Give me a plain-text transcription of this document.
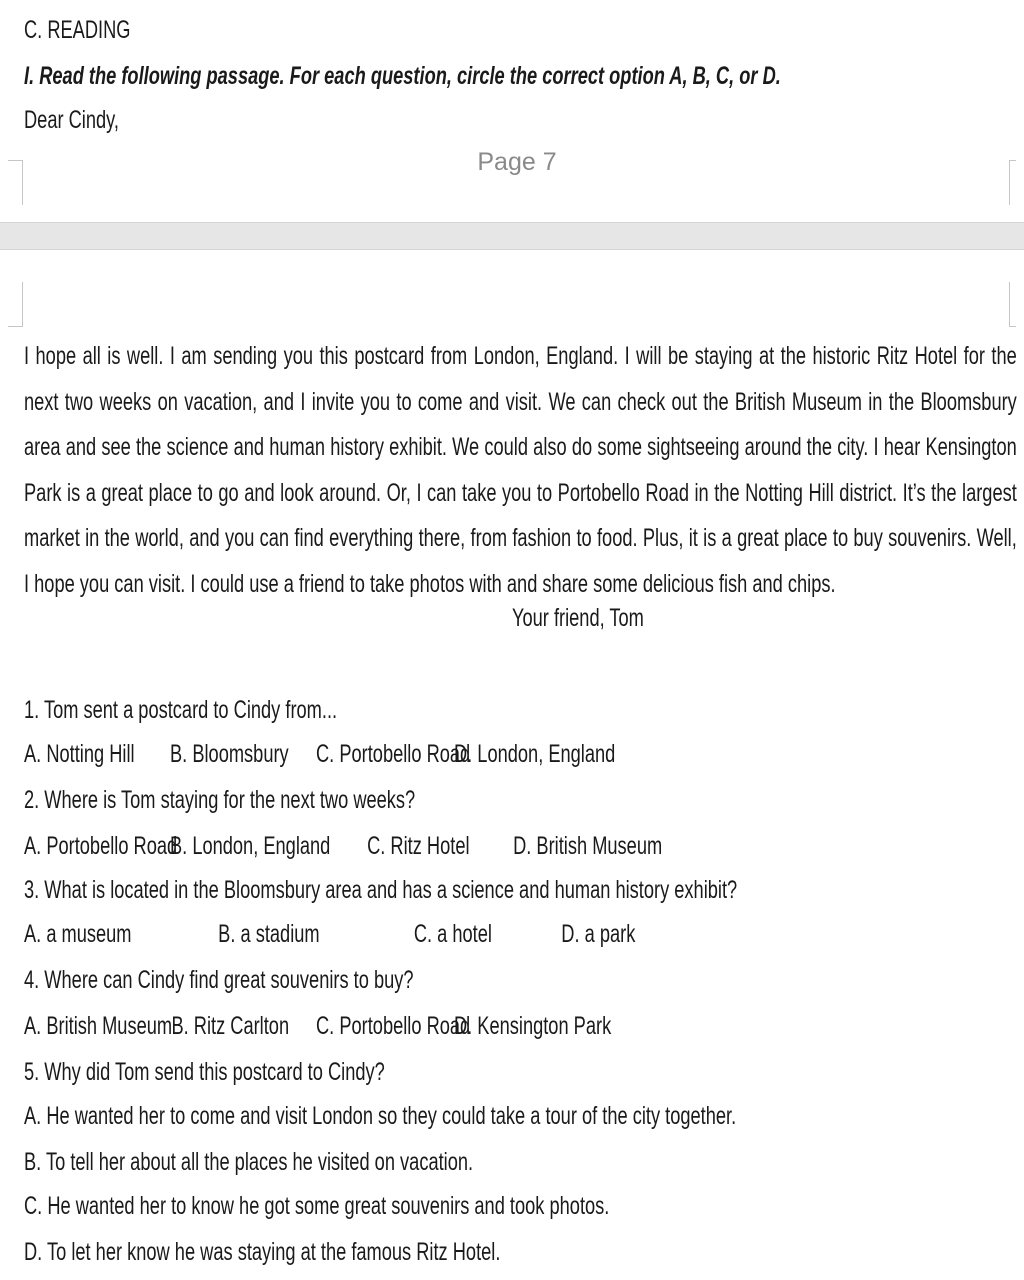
C. READING
I. Read the following passage. For each question, circle the correct option A, B, C, or D.
Dear Cindy,
Page 7

I hope all is well. I am sending you this postcard from London, England. I will be staying at the historic Ritz Hotel for the next two weeks on vacation, and I invite you to come and visit. We can check out the British Museum in the Bloomsbury area and see the science and human history exhibit. We could also do some sightseeing around the city. I hear Kensington Park is a great place to go and look around. Or, I can take you to Portobello Road in the Notting Hill district. It’s the largest market in the world, and you can find everything there, from fashion to food. Plus, it is a great place to buy souvenirs. Well, I hope you can visit. I could use a friend to take photos with and share some delicious fish and chips.

Your friend, Tom
1. Tom sent a postcard to Cindy from...
A. Notting Hill B. Bloomsbury C. Portobello Road
D. London, England
2. Where is Tom staying for the next two weeks?
A. Portobello Road
B. London, England C. Ritz Hotel D. British Museum
3. What is located in the Bloomsbury area and has a science and human history exhibit?
A. a museum	B. a stadium	C. a hotel	D. a park
4. Where can Cindy find great souvenirs to buy?
A. British Museum B. Ritz Carlton C. Portobello Road
D. Kensington Park
5. Why did Tom send this postcard to Cindy?
A. He wanted her to come and visit London so they could take a tour of the city together.
B. To tell her about all the places he visited on vacation.
C. He wanted her to know he got some great souvenirs and took photos.
D. To let her know he was staying at the famous Ritz Hotel.
